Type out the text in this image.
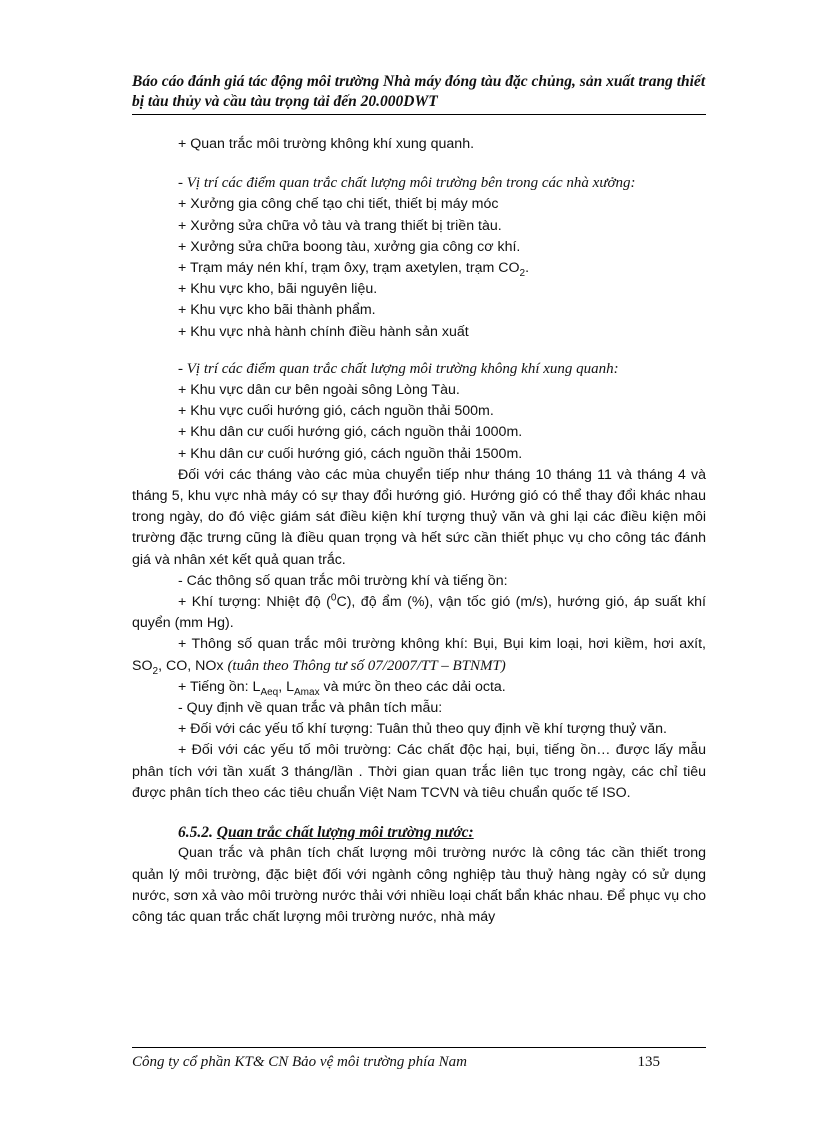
Báo cáo đánh giá tác động môi trường Nhà máy đóng tàu đặc chủng, sản xuất trang thiết bị tàu thủy và cầu tàu trọng tải đến 20.000DWT

+ Quan trắc môi trường không khí xung quanh.

- Vị trí các điểm quan trắc chất lượng môi trường bên trong các nhà xưởng:

+ Xưởng gia công chế tạo chi tiết, thiết bị máy móc

+ Xưởng sửa chữa vỏ tàu và trang thiết bị triền tàu.

+ Xưởng sửa chữa boong tàu, xưởng gia công cơ khí.

+ Trạm máy nén khí, trạm ôxy, trạm axetylen, trạm $CO_2$.

+ Khu vực kho, bãi nguyên liệu.

+ Khu vực kho bãi thành phẩm.

+ Khu vực nhà hành chính điều hành sản xuất

- Vị trí các điểm quan trắc chất lượng môi trường không khí xung quanh:

+ Khu vực dân cư bên ngoài sông Lòng Tàu.

+ Khu vực cuối hướng gió, cách nguồn thải 500m.

+ Khu dân cư cuối hướng gió, cách nguồn thải 1000m.

+ Khu dân cư cuối hướng gió, cách nguồn thải 1500m.

Đối với các tháng vào các mùa chuyển tiếp như tháng 10 tháng 11 và tháng 4 và tháng 5, khu vực nhà máy có sự thay đổi hướng gió. Hướng gió có thể thay đổi khác nhau trong ngày, do đó việc giám sát điều kiện khí tượng thuỷ văn và ghi lại các điều kiện môi trường đặc trưng cũng là điều quan trọng và hết sức cần thiết phục vụ cho công tác đánh giá và nhân xét kết quả quan trắc.

- Các thông số quan trắc môi trường khí và tiếng ồn:

+ Khí tượng: Nhiệt độ ($^0$C), độ ẩm (%), vận tốc gió (m/s), hướng gió, áp suất khí quyển (mm Hg).

+ Thông số quan trắc môi trường không khí: Bụi, Bụi kim loại, hơi kiềm, hơi axít, $SO_2$, CO, NOx (tuân theo Thông tư số 07/2007/TT – BTNMT)

+ Tiếng ồn: $L_{Aeq}$, $L_{Amax}$ và mức ồn theo các dải octa.

- Quy định về quan trắc và phân tích mẫu:

+ Đối với các yếu tố khí tượng: Tuân thủ theo quy định về khí tượng thuỷ văn.

+ Đối với các yếu tố môi trường: Các chất độc hại, bụi, tiếng ồn… được lấy mẫu phân tích với tần xuất 3 tháng/lần . Thời gian quan trắc liên tục trong ngày, các chỉ tiêu được phân tích theo các tiêu chuẩn Việt Nam TCVN và tiêu chuẩn quốc tế ISO.

6.5.2. Quan trắc chất lượng môi trường nước:

Quan trắc và phân tích chất lượng môi trường nước là công tác cần thiết trong quản lý môi trường, đặc biệt đối với ngành công nghiệp tàu thuỷ hàng ngày có sử dụng nước, sơn xả vào môi trường nước thải với nhiều loại chất bẩn khác nhau. Để phục vụ cho công tác quan trắc chất lượng môi trường nước, nhà máy

Công ty cổ phần KT& CN Bảo vệ môi trường phía Nam	135
